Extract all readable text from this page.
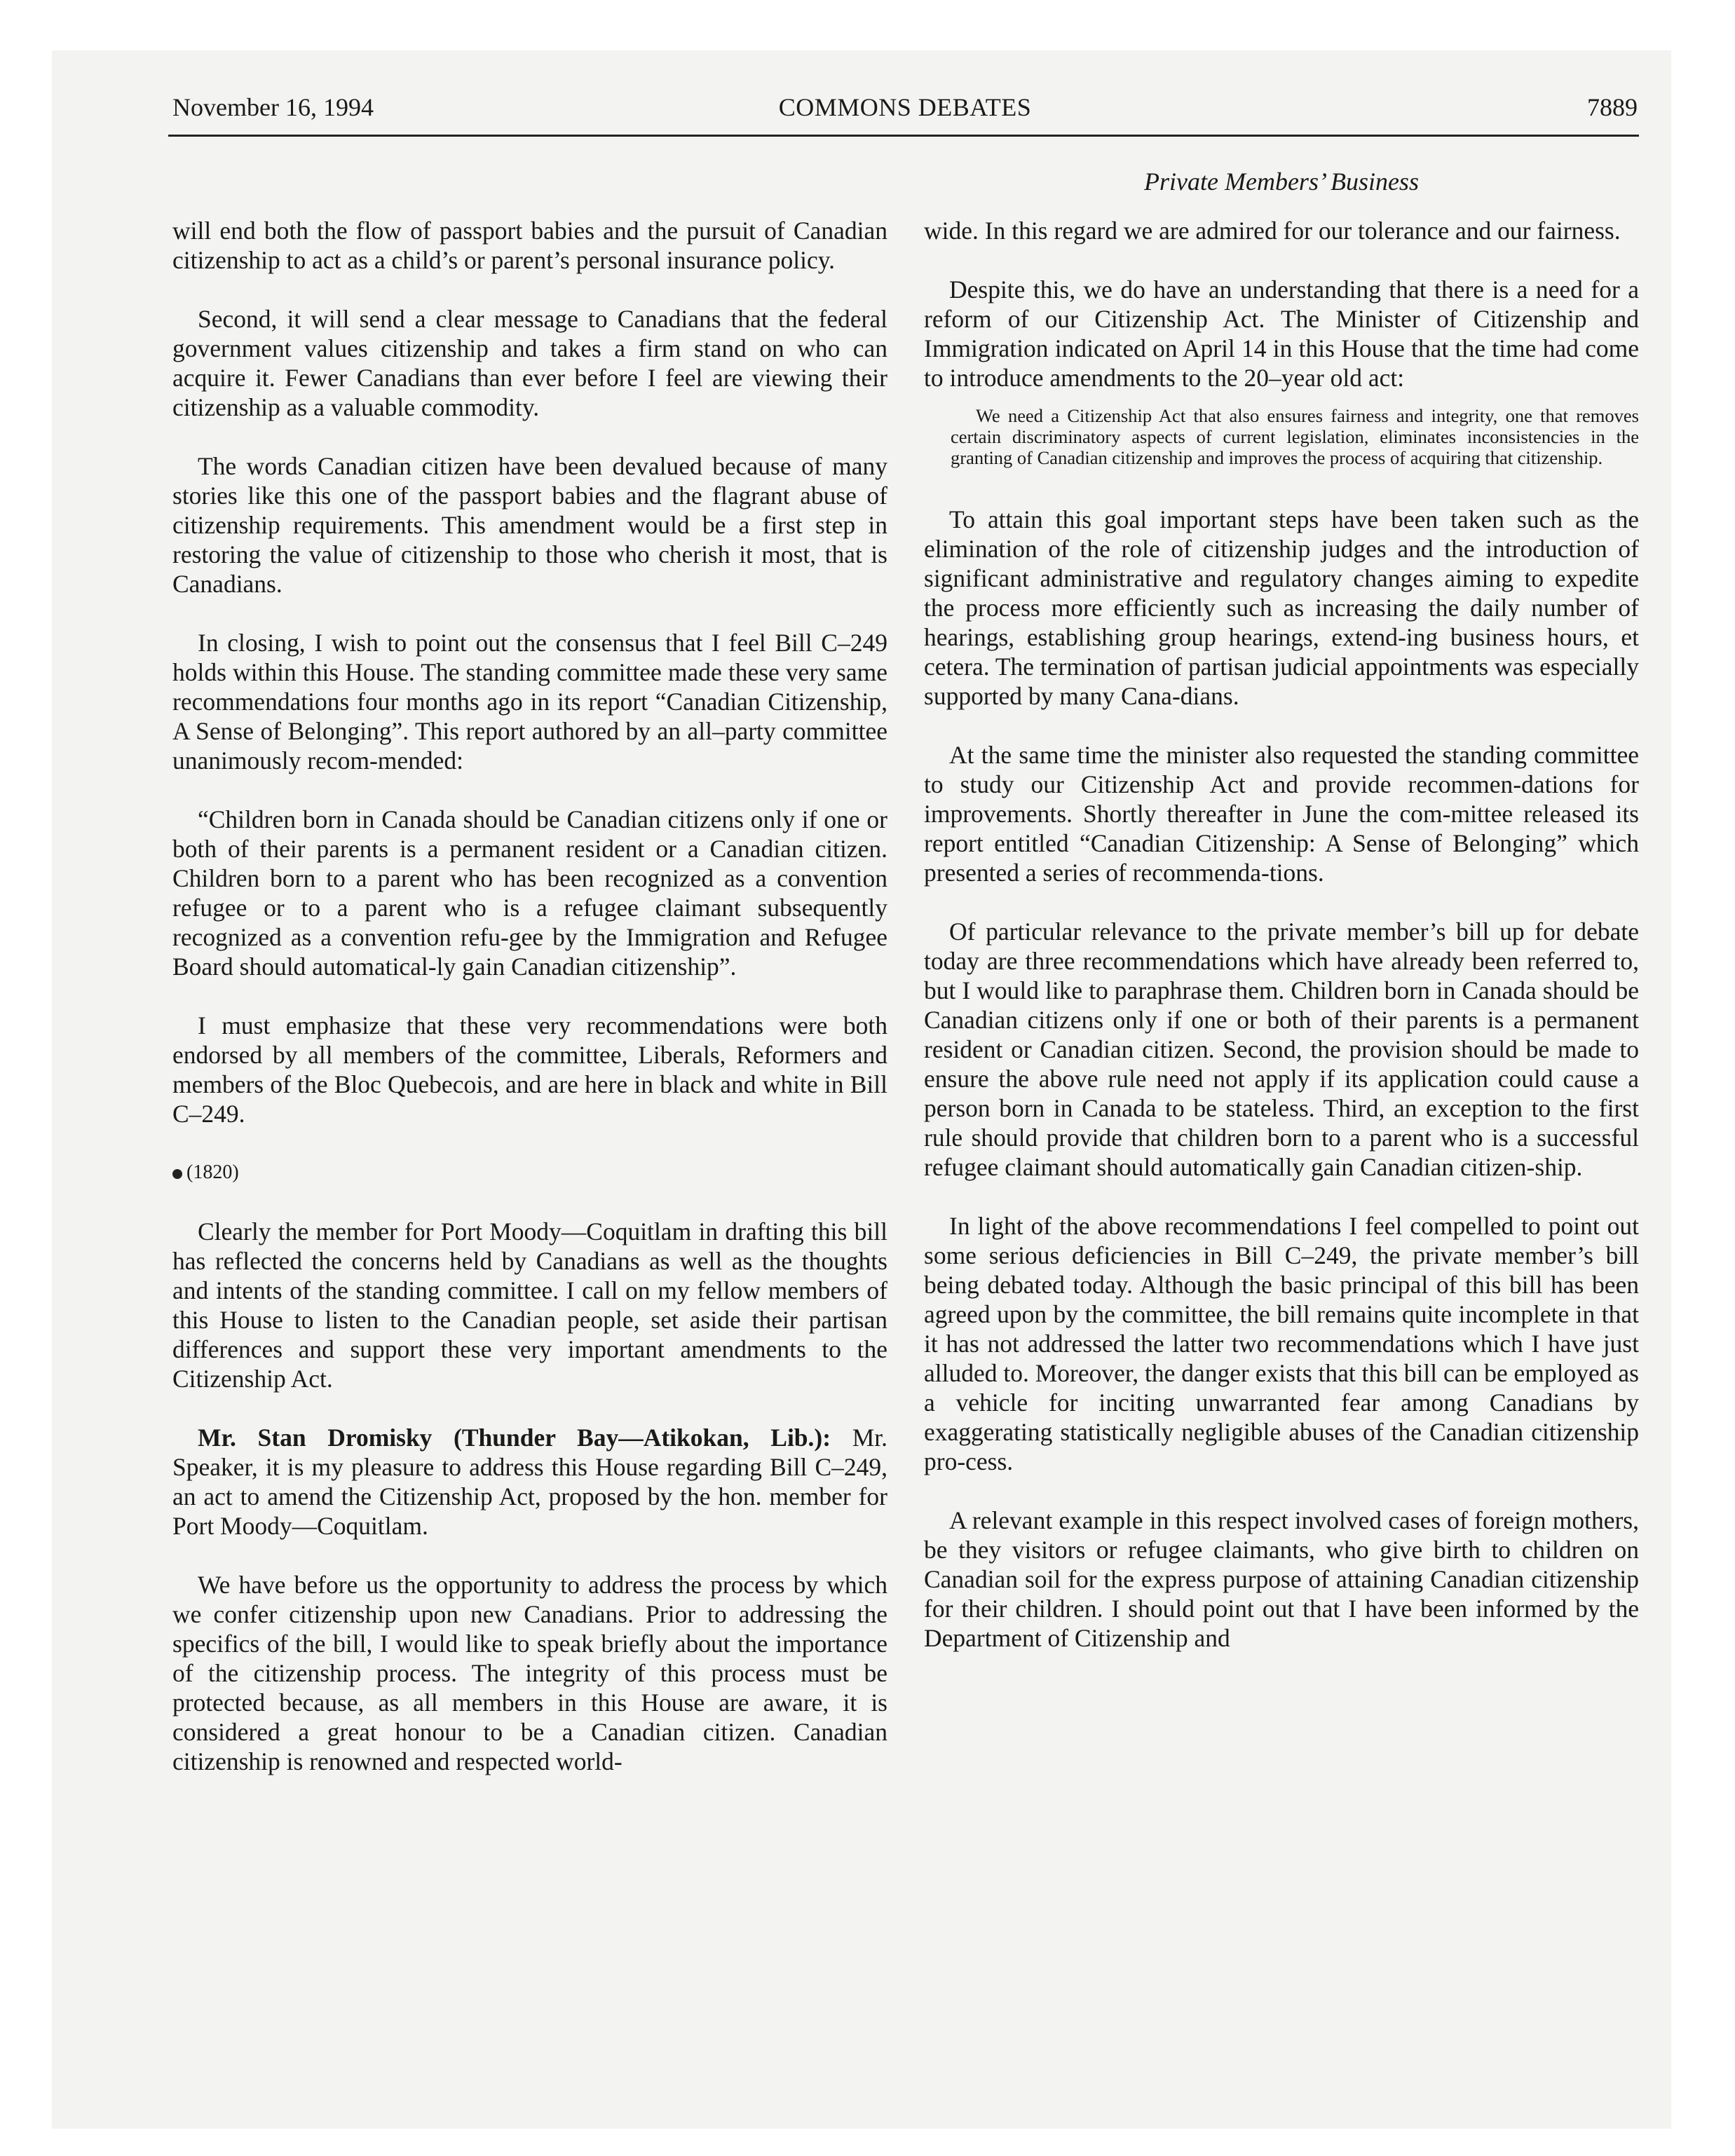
November 16, 1994	COMMONS DEBATES	7889
Private Members’ Business

will end both the flow of passport babies and the pursuit of Canadian citizenship to act as a child’s or parent’s personal insurance policy.

Second, it will send a clear message to Canadians that the federal government values citizenship and takes a firm stand on who can acquire it. Fewer Canadians than ever before I feel are viewing their citizenship as a valuable commodity.

The words Canadian citizen have been devalued because of many stories like this one of the passport babies and the flagrant abuse of citizenship requirements. This amendment would be a first step in restoring the value of citizenship to those who cherish it most, that is Canadians.

In closing, I wish to point out the consensus that I feel Bill C–249 holds within this House. The standing committee made these very same recommendations four months ago in its report “Canadian Citizenship, A Sense of Belonging”. This report authored by an all–party committee unanimously recom-mended:

“Children born in Canada should be Canadian citizens only if one or both of their parents is a permanent resident or a Canadian citizen. Children born to a parent who has been recognized as a convention refugee or to a parent who is a refugee claimant subsequently recognized as a convention refu-gee by the Immigration and Refugee Board should automatical-ly gain Canadian citizenship”.

I must emphasize that these very recommendations were both endorsed by all members of the committee, Liberals, Reformers and members of the Bloc Quebecois, and are here in black and white in Bill C–249.

(1820)

Clearly the member for Port Moody—Coquitlam in drafting this bill has reflected the concerns held by Canadians as well as the thoughts and intents of the standing committee. I call on my fellow members of this House to listen to the Canadian people, set aside their partisan differences and support these very important amendments to the Citizenship Act.

Mr. Stan Dromisky (Thunder Bay—Atikokan, Lib.): Mr. Speaker, it is my pleasure to address this House regarding Bill C–249, an act to amend the Citizenship Act, proposed by the hon. member for Port Moody—Coquitlam.

We have before us the opportunity to address the process by which we confer citizenship upon new Canadians. Prior to addressing the specifics of the bill, I would like to speak briefly about the importance of the citizenship process. The integrity of this process must be protected because, as all members in this House are aware, it is considered a great honour to be a Canadian citizen. Canadian citizenship is renowned and respected world-

wide. In this regard we are admired for our tolerance and our fairness.

Despite this, we do have an understanding that there is a need for a reform of our Citizenship Act. The Minister of Citizenship and Immigration indicated on April 14 in this House that the time had come to introduce amendments to the 20–year old act:

We need a Citizenship Act that also ensures fairness and integrity, one that removes certain discriminatory aspects of current legislation, eliminates inconsistencies in the granting of Canadian citizenship and improves the process of acquiring that citizenship.

To attain this goal important steps have been taken such as the elimination of the role of citizenship judges and the introduction of significant administrative and regulatory changes aiming to expedite the process more efficiently such as increasing the daily number of hearings, establishing group hearings, extend-ing business hours, et cetera. The termination of partisan judicial appointments was especially supported by many Cana-dians.

At the same time the minister also requested the standing committee to study our Citizenship Act and provide recommen-dations for improvements. Shortly thereafter in June the com-mittee released its report entitled “Canadian Citizenship: A Sense of Belonging” which presented a series of recommenda-tions.

Of particular relevance to the private member’s bill up for debate today are three recommendations which have already been referred to, but I would like to paraphrase them. Children born in Canada should be Canadian citizens only if one or both of their parents is a permanent resident or Canadian citizen. Second, the provision should be made to ensure the above rule need not apply if its application could cause a person born in Canada to be stateless. Third, an exception to the first rule should provide that children born to a parent who is a successful refugee claimant should automatically gain Canadian citizen-ship.

In light of the above recommendations I feel compelled to point out some serious deficiencies in Bill C–249, the private member’s bill being debated today. Although the basic principal of this bill has been agreed upon by the committee, the bill remains quite incomplete in that it has not addressed the latter two recommendations which I have just alluded to. Moreover, the danger exists that this bill can be employed as a vehicle for inciting unwarranted fear among Canadians by exaggerating statistically negligible abuses of the Canadian citizenship pro-cess.

A relevant example in this respect involved cases of foreign mothers, be they visitors or refugee claimants, who give birth to children on Canadian soil for the express purpose of attaining Canadian citizenship for their children. I should point out that I have been informed by the Department of Citizenship and
